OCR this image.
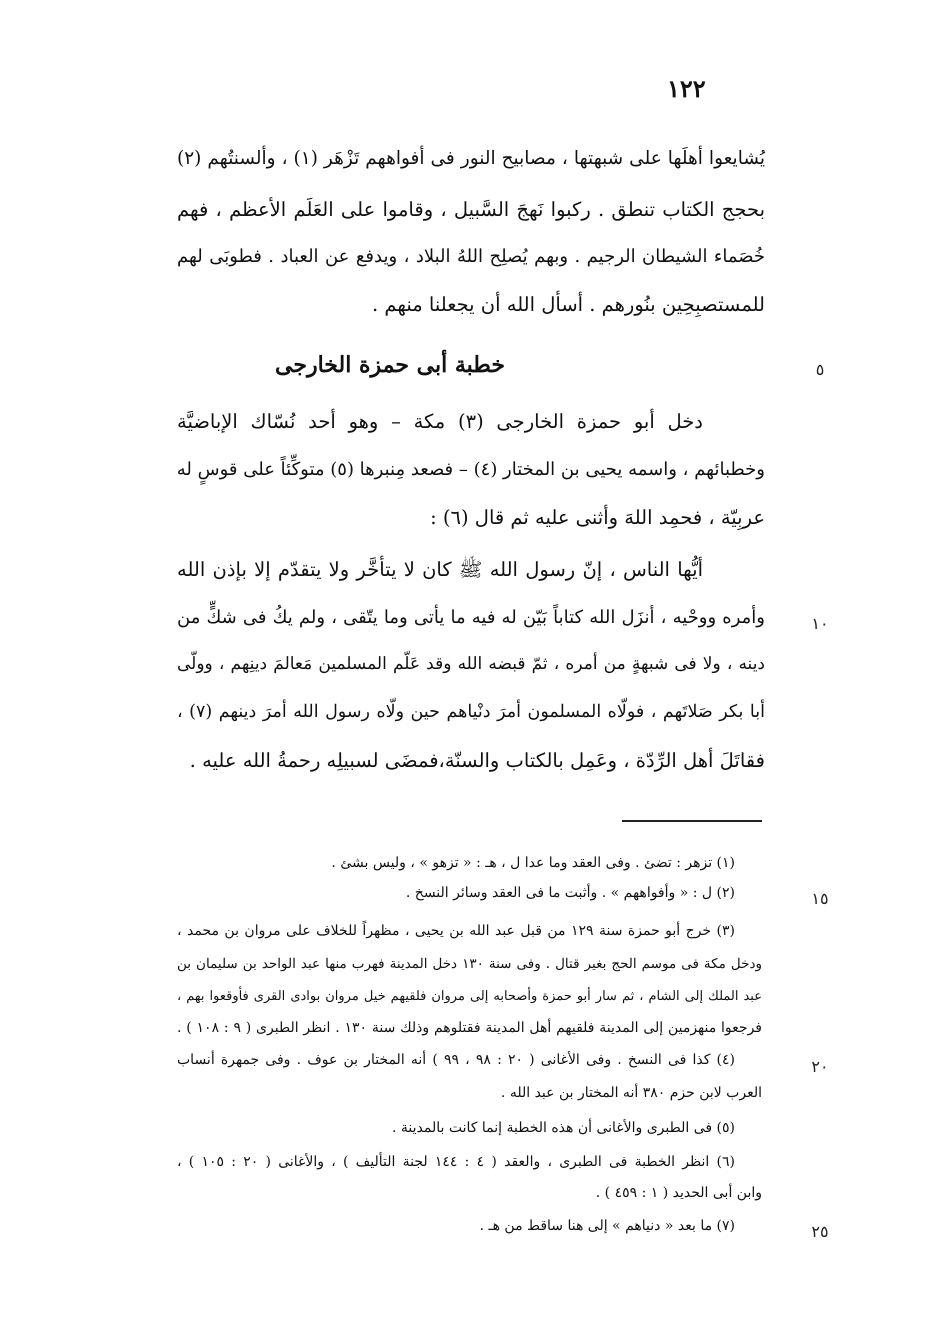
١٢٢
يُشايعوا أهلَها على شبهتها ، مصابيح النور فى أفواههم تَزْهَر (١) ، وألسنتُهم (٢)
بحجج الكتاب تنطق . ركبوا نَهجَ السَّبيل ، وقاموا على العَلَم الأعظم ، فهم
خُصَماء الشيطان الرجيم . وبهم يُصلِح اللهُ البلاد ، ويدفع عن العباد . فطوبَى لهم
للمستصبِحِين بنُورهم . أسأل الله أن يجعلنا منهم .
خطبة أبى حمزة الخارجى	٥
دخل أبو حمزة الخارجى (٣) مكة – وهو أحد نُسّاك الإباضيَّة
وخطبائهم ، واسمه يحيى بن المختار (٤) – فصعد مِنبرها (٥) متوكِّئاً على قوسٍ له
عربِيّة ، فحمِد اللهَ وأثنى عليه ثم قال (٦) :
أيُّها الناس ، إنّ رسول الله ﷺ كان لا يتأخَّر ولا يتقدّم إلا بإذن الله
وأمره ووحْيه ، أنزَل الله كتاباً بَيّن له فيه ما يأتى وما يتّقى ، ولم يكُ فى شكٍّ من	١٠
دينه ، ولا فى شبهةٍ من أمره ، ثمّ قبضه الله وقد عَلّم المسلمين مَعالمَ دينِهم ، وولّى
أبا بكر صَلاتَهم ، فولّاه المسلمون أمرَ دنْياهم حين ولّاه رسول الله أمرَ دينهم (٧) ،
فقاتَلَ أهل الرِّدّة ، وعَمِل بالكتاب والسنّة،فمضَى لسبيلِه رحمةُ الله عليه .
(١) تزهر : تضئ . وفى العقد وما عدا ل ، هـ : « تزهو » ، وليس بشئ .
(٢) ل : « وأفواههم » . وأثبت ما فى العقد وسائر النسخ .	١٥
(٣) خرج أبو حمزة سنة ١٢٩ من قبل عبد الله بن يحيى ، مظهراً للخلاف على مروان بن محمد ،
ودخل مكة فى موسم الحج بغير قتال . وفى سنة ١٣٠ دخل المدينة فهرب منها عبد الواحد بن سليمان بن
عبد الملك إلى الشام ، ثم سار أبو حمزة وأصحابه إلى مروان فلقيهم خيل مروان بوادى القرى فأوقعوا بهم ،
فرجعوا منهزمين إلى المدينة فلقيهم أهل المدينة فقتلوهم وذلك سنة ١٣٠ . انظر الطبرى ( ٩ : ١٠٨ ) .
(٤) كذا فى النسخ . وفى الأغانى ( ٢٠ : ٩٨ ، ٩٩ ) أنه المختار بن عوف . وفى جمهرة أنساب	٢٠
العرب لابن حزم ٣٨٠ أنه المختار بن عبد الله .
(٥) فى الطبرى والأغانى أن هذه الخطبة إنما كانت بالمدينة .
(٦) انظر الخطبة فى الطبرى ، والعقد ( ٤ : ١٤٤ لجنة التأليف ) ، والأغانى ( ٢٠ : ١٠٥ ) ،
وابن أبى الحديد ( ١ : ٤٥٩ ) .
(٧) ما بعد « دنياهم » إلى هنا ساقط من هـ .	٢٥
